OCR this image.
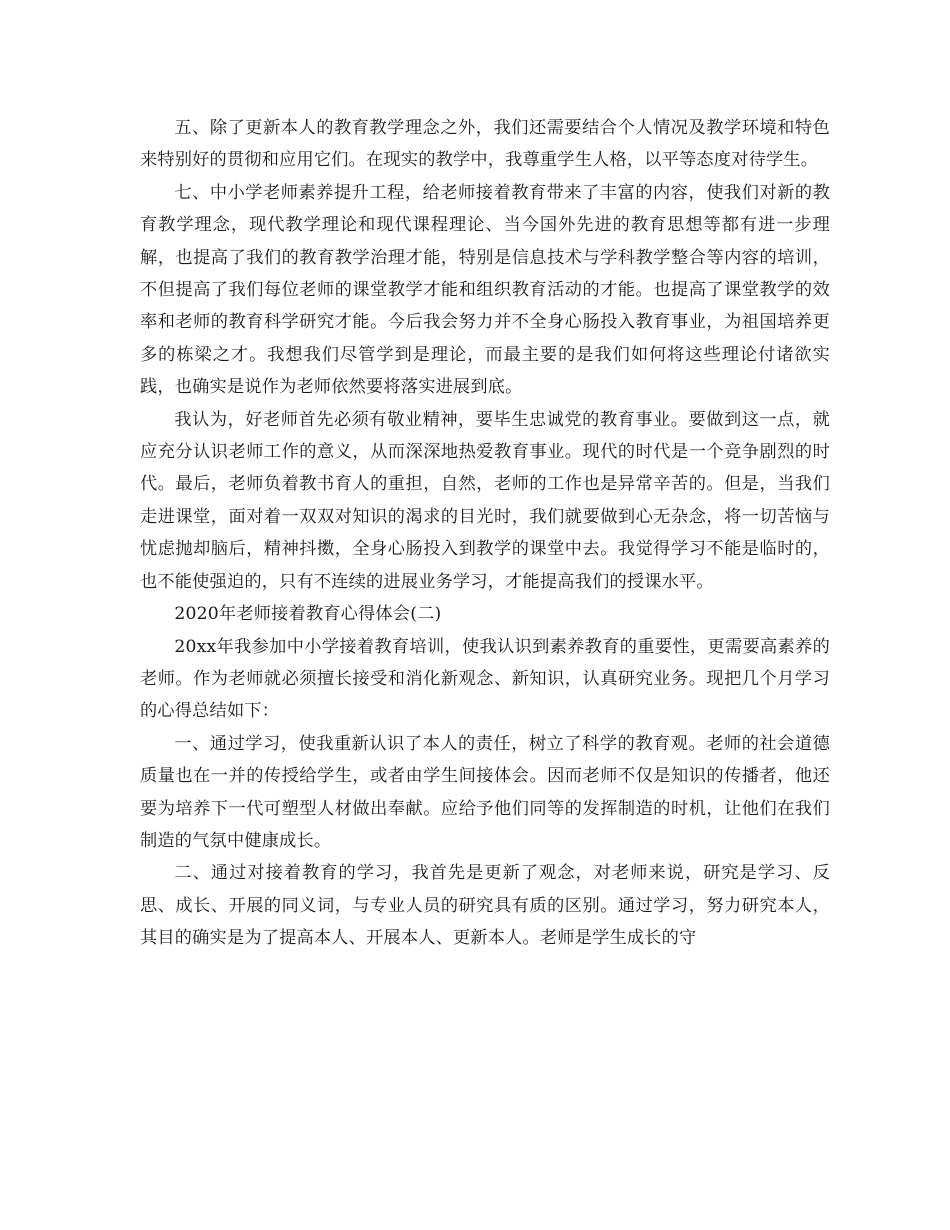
五、除了更新本人的教育教学理念之外，我们还需要结合个人情况及教学环境和特色来特别好的贯彻和应用它们。在现实的教学中，我尊重学生人格，以平等态度对待学生。

七、中小学老师素养提升工程，给老师接着教育带来了丰富的内容，使我们对新的教育教学理念，现代教学理论和现代课程理论、当今国外先进的教育思想等都有进一步理解，也提高了我们的教育教学治理才能，特别是信息技术与学科教学整合等内容的培训，不但提高了我们每位老师的课堂教学才能和组织教育活动的才能。也提高了课堂教学的效率和老师的教育科学研究才能。今后我会努力并不全身心肠投入教育事业，为祖国培养更多的栋梁之才。我想我们尽管学到是理论，而最主要的是我们如何将这些理论付诸欲实践，也确实是说作为老师依然要将落实进展到底。

我认为，好老师首先必须有敬业精神，要毕生忠诚党的教育事业。要做到这一点，就应充分认识老师工作的意义，从而深深地热爱教育事业。现代的时代是一个竞争剧烈的时代。最后，老师负着教书育人的重担，自然，老师的工作也是异常辛苦的。但是，当我们走进课堂，面对着一双双对知识的渴求的目光时，我们就要做到心无杂念，将一切苦恼与忧虑抛却脑后，精神抖擞，全身心肠投入到教学的课堂中去。我觉得学习不能是临时的，也不能使强迫的，只有不连续的进展业务学习，才能提高我们的授课水平。

2020年老师接着教育心得体会(二)

20xx年我参加中小学接着教育培训，使我认识到素养教育的重要性，更需要高素养的老师。作为老师就必须擅长接受和消化新观念、新知识，认真研究业务。现把几个月学习的心得总结如下：

一、通过学习，使我重新认识了本人的责任，树立了科学的教育观。老师的社会道德质量也在一并的传授给学生，或者由学生间接体会。因而老师不仅是知识的传播者，他还要为培养下一代可塑型人材做出奉献。应给予他们同等的发挥制造的时机，让他们在我们制造的气氛中健康成长。

二、通过对接着教育的学习，我首先是更新了观念，对老师来说，研究是学习、反思、成长、开展的同义词，与专业人员的研究具有质的区别。通过学习，努力研究本人，其目的确实是为了提高本人、开展本人、更新本人。老师是学生成长的守
